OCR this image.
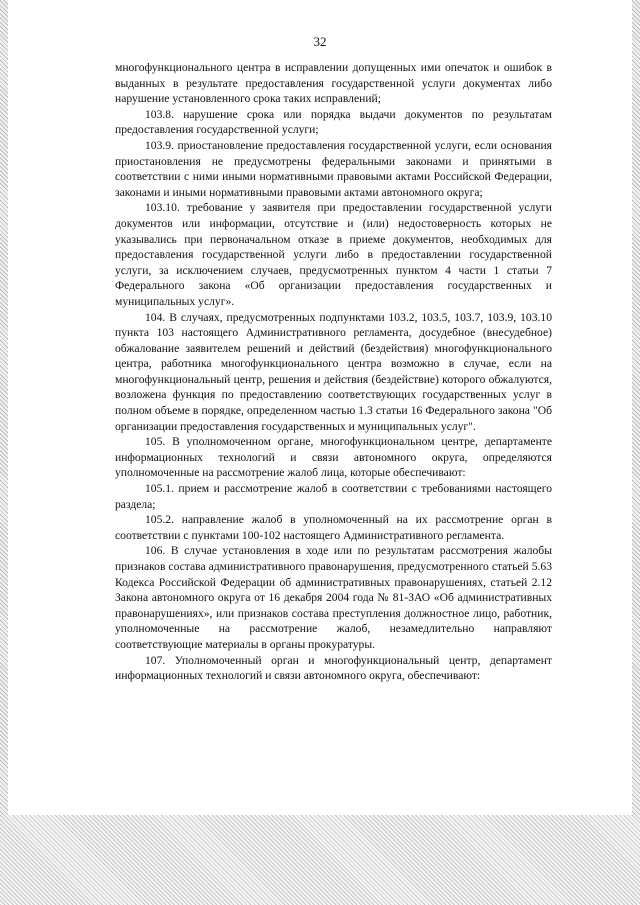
32

многофункционального центра в исправлении допущенных ими опечаток и ошибок в выданных в результате предоставления государственной услуги документах либо нарушение установленного срока таких исправлений;

103.8. нарушение срока или порядка выдачи документов по результатам предоставления государственной услуги;

103.9. приостановление предоставления государственной услуги, если основания приостановления не предусмотрены федеральными законами и принятыми в соответствии с ними иными нормативными правовыми актами Российской Федерации, законами и иными нормативными правовыми актами автономного округа;

103.10. требование у заявителя при предоставлении государственной услуги документов или информации, отсутствие и (или) недостоверность которых не указывались при первоначальном отказе в приеме документов, необходимых для предоставления государственной услуги либо в предоставлении государственной услуги, за исключением случаев, предусмотренных пунктом 4 части 1 статьи 7 Федерального закона «Об организации предоставления государственных и муниципальных услуг».

104. В случаях, предусмотренных подпунктами 103.2, 103.5, 103.7, 103.9, 103.10 пункта 103 настоящего Административного регламента, досудебное (внесудебное) обжалование заявителем решений и действий (бездействия) многофункционального центра, работника многофункционального центра возможно в случае, если на многофункциональный центр, решения и действия (бездействие) которого обжалуются, возложена функция по предоставлению соответствующих государственных услуг в полном объеме в порядке, определенном частью 1.3 статьи 16 Федерального закона "Об организации предоставления государственных и муниципальных услуг".

105. В уполномоченном органе, многофункциональном центре, департаменте информационных технологий и связи автономного округа, определяются уполномоченные на рассмотрение жалоб лица, которые обеспечивают:

105.1. прием и рассмотрение жалоб в соответствии с требованиями настоящего раздела;

105.2. направление жалоб в уполномоченный на их рассмотрение орган в соответствии с пунктами 100-102 настоящего Административного регламента.

106. В случае установления в ходе или по результатам рассмотрения жалобы признаков состава административного правонарушения, предусмотренного статьей 5.63 Кодекса Российской Федерации об административных правонарушениях, статьей 2.12 Закона автономного округа от 16 декабря 2004 года № 81-ЗАО «Об административных правонарушениях», или признаков состава преступления должностное лицо, работник, уполномоченные на рассмотрение жалоб, незамедлительно направляют соответствующие материалы в органы прокуратуры.

107. Уполномоченный орган и многофункциональный центр, департамент информационных технологий и связи автономного округа, обеспечивают:
